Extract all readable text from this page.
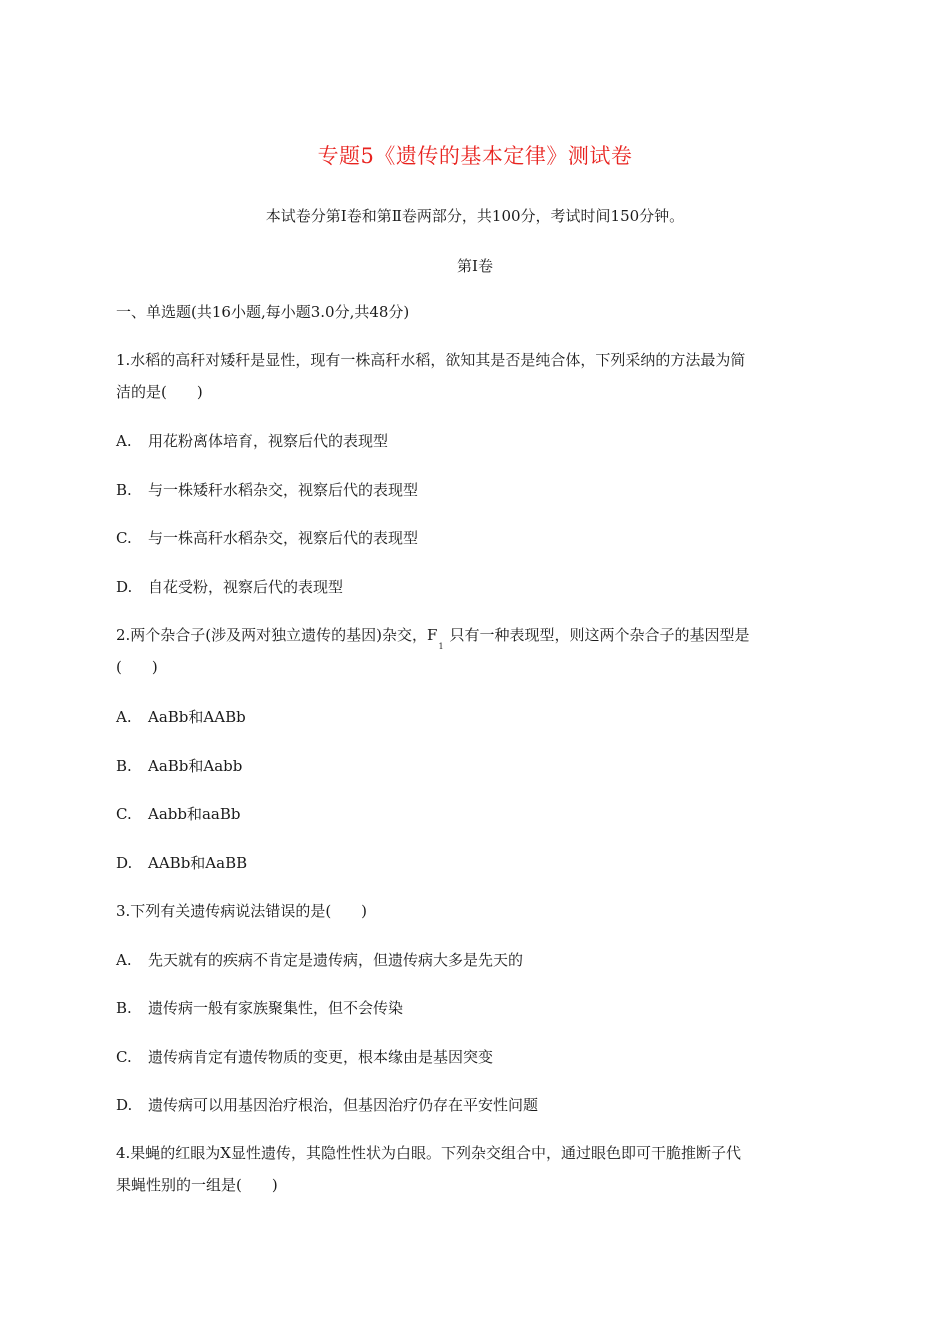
专题5《遗传的基本定律》测试卷
本试卷分第Ⅰ卷和第Ⅱ卷两部分，共100分，考试时间150分钟。
第Ⅰ卷
一、单选题(共16小题,每小题3.0分,共48分)
1.水稻的高秆对矮秆是显性，现有一株高秆水稻，欲知其是否是纯合体，下列采纳的方法最为简
洁的是(　　)
A. 用花粉离体培育，视察后代的表现型
B. 与一株矮秆水稻杂交，视察后代的表现型
C. 与一株高秆水稻杂交，视察后代的表现型
D. 自花受粉，视察后代的表现型
2.两个杂合子(涉及两对独立遗传的基因)杂交，$F_1$只有一种表现型，则这两个杂合子的基因型是
(　　)
A. AaBb和AABb
B. AaBb和Aabb
C. Aabb和aaBb
D. AABb和AaBB
3.下列有关遗传病说法错误的是(　　)
A. 先天就有的疾病不肯定是遗传病，但遗传病大多是先天的
B. 遗传病一般有家族聚集性，但不会传染
C. 遗传病肯定有遗传物质的变更，根本缘由是基因突变
D. 遗传病可以用基因治疗根治，但基因治疗仍存在平安性问题
4.果蝇的红眼为X显性遗传，其隐性性状为白眼。下列杂交组合中，通过眼色即可干脆推断子代
果蝇性别的一组是(　　)
